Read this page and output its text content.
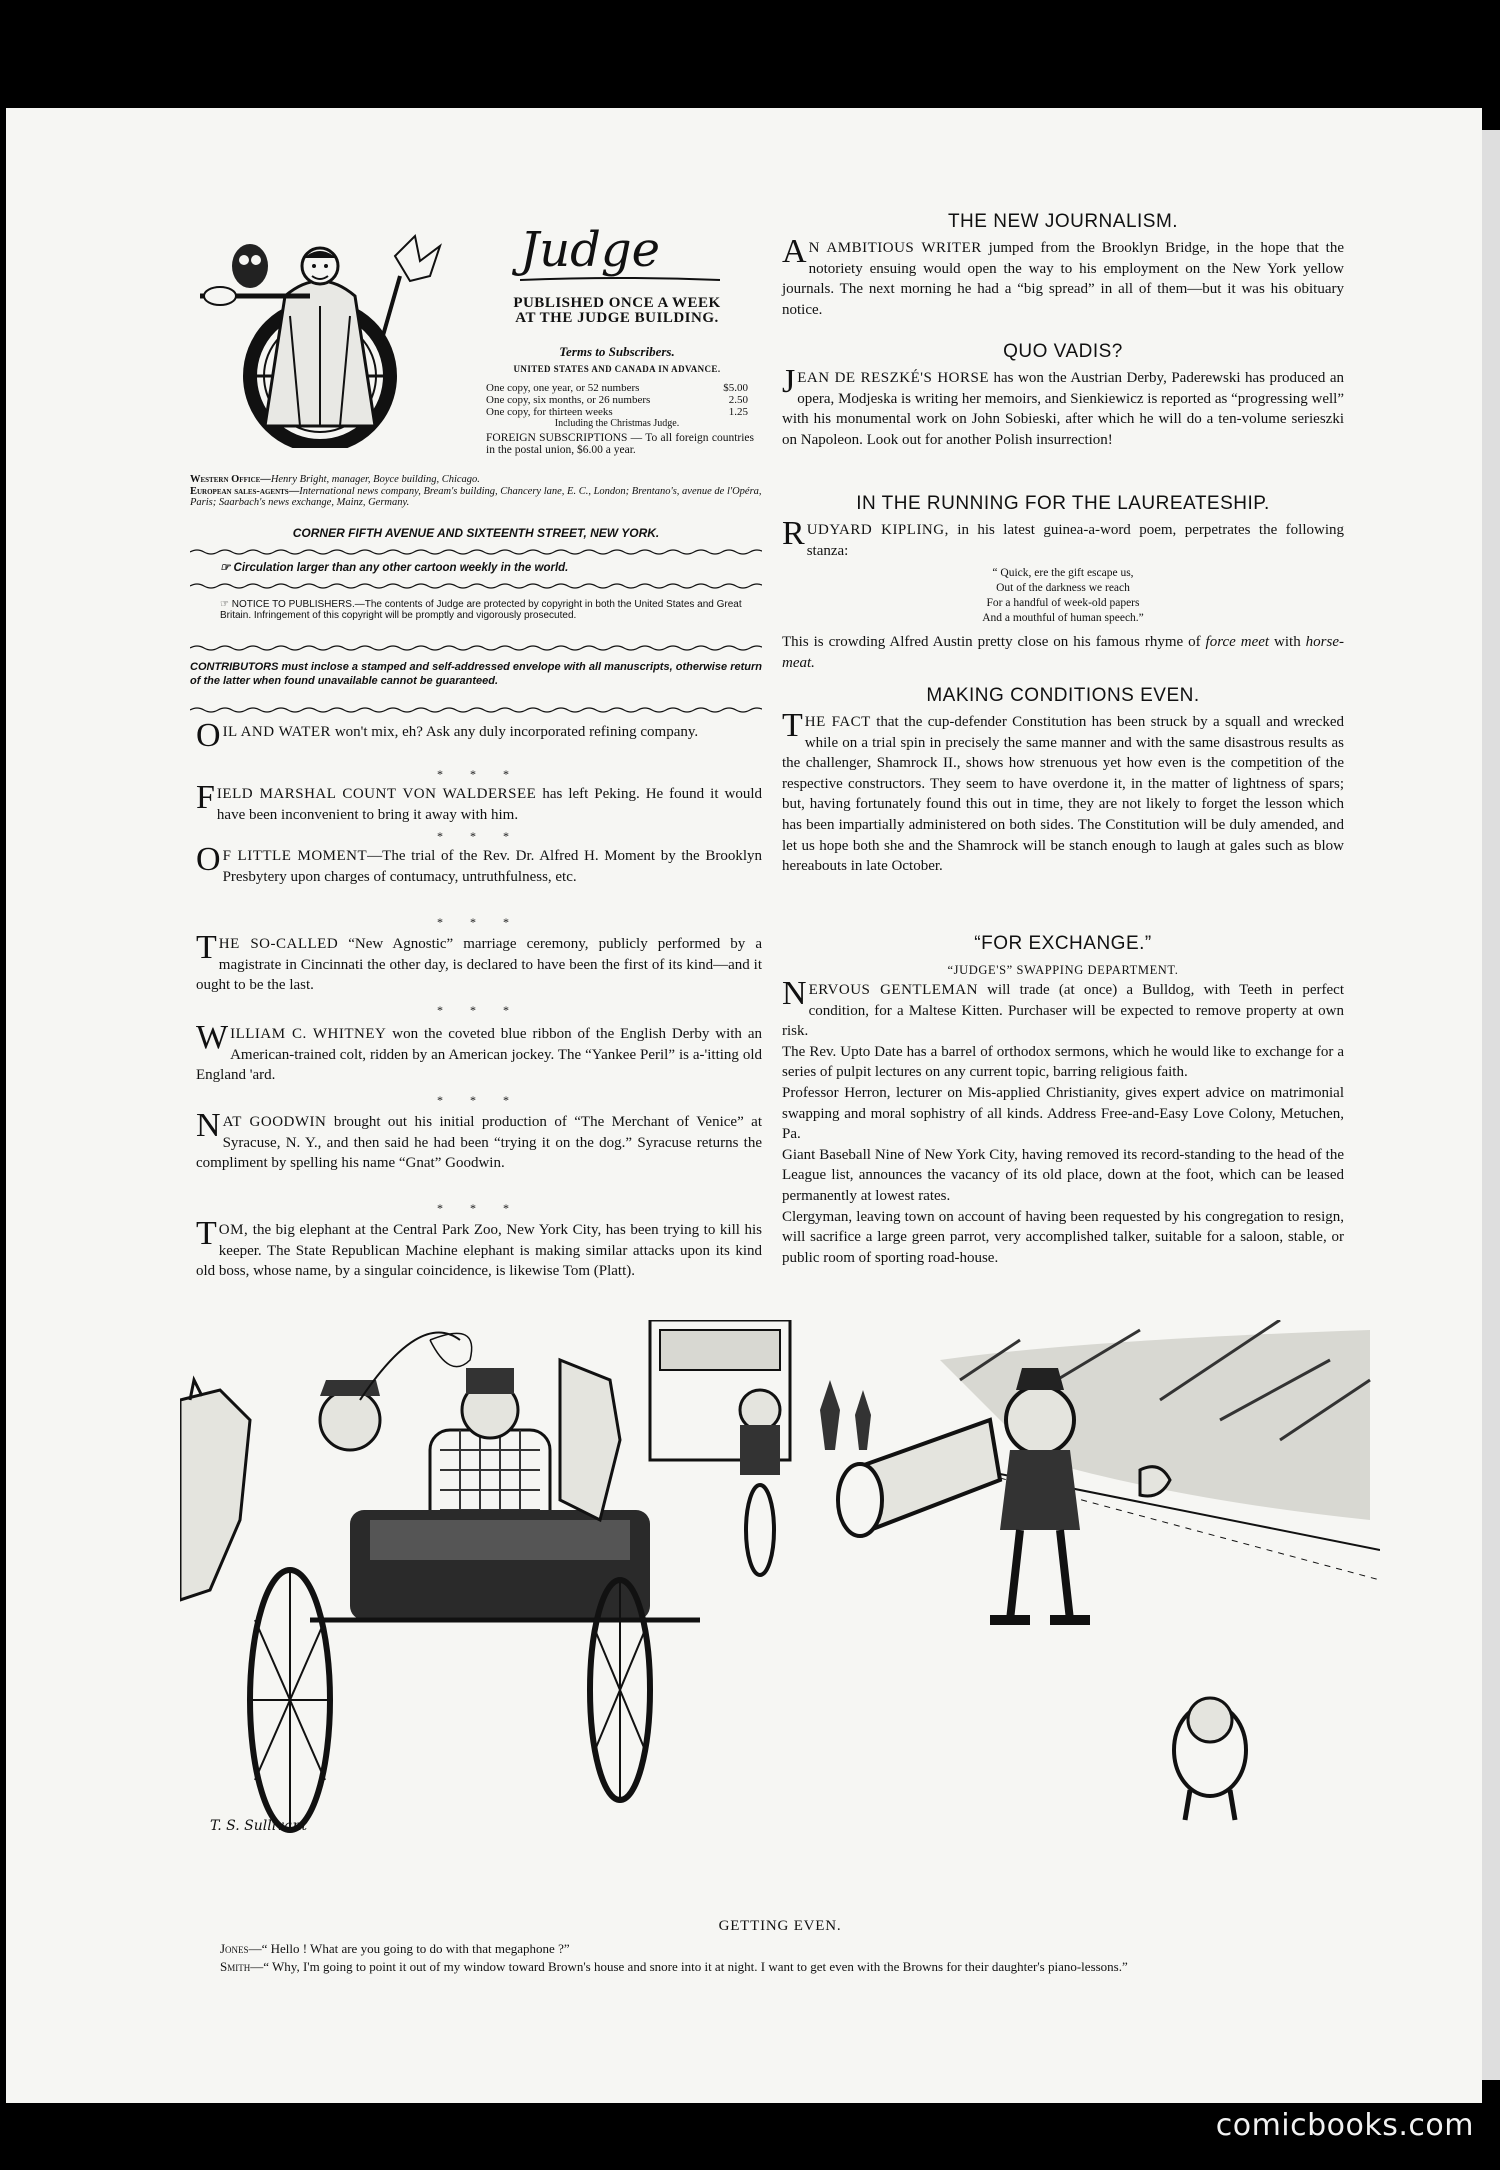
Judge
PUBLISHED ONCE A WEEK
AT THE JUDGE BUILDING.
Terms to Subscribers.
UNITED STATES AND CANADA IN ADVANCE.
One copy, one year, or 52 numbers	$5.00
One copy, six months, or 26 numbers	2.50
One copy, for thirteen weeks	1.25
Including the Christmas Judge.
FOREIGN SUBSCRIPTIONS — To all foreign countries in the postal union, $6.00 a year.
Western Office—Henry Bright, manager, Boyce building, Chicago.
European sales-agents—International news company, Bream's building, Chancery lane, E. C., London; Brentano's, avenue de l'Opéra, Paris; Saarbach's news exchange, Mainz, Germany.
CORNER FIFTH AVENUE AND SIXTEENTH STREET, NEW YORK.
☞ Circulation larger than any other cartoon weekly in the world.
☞ NOTICE TO PUBLISHERS.—The contents of Judge are protected by copyright in both the United States and Great Britain. Infringement of this copyright will be promptly and vigorously prosecuted.
CONTRIBUTORS must inclose a stamped and self-addressed envelope with all manuscripts, otherwise return of the latter when found unavailable cannot be guaranteed.
OIL AND WATER won't mix, eh? Ask any duly incorporated refining company.
* * *
FIELD MARSHAL COUNT VON WALDERSEE has left Peking. He found it would have been inconvenient to bring it away with him.
* * *
O F LITTLE MOMENT—The trial of the Rev. Dr. Alfred H. Moment by the Brooklyn Presbytery upon charges of contumacy, untruthfulness, etc.
* * *
THE SO-CALLED “New Agnostic” marriage ceremony, publicly performed by a magistrate in Cincinnati the other day, is declared to have been the first of its kind—and it ought to be the last.
* * *
WILLIAM C. WHITNEY won the coveted blue ribbon of the English Derby with an American-trained colt, ridden by an American jockey. The “Yankee Peril” is a-'itting old England 'ard.
* * *
NAT GOODWIN brought out his initial production of “The Merchant of Venice” at Syracuse, N. Y., and then said he had been “trying it on the dog.” Syracuse returns the compliment by spelling his name “Gnat” Goodwin.
* * *
TOM, the big elephant at the Central Park Zoo, New York City, has been trying to kill his keeper. The State Republican Machine elephant is making similar attacks upon its kind old boss, whose name, by a singular coincidence, is likewise Tom (Platt).
THE NEW JOURNALISM.
A N AMBITIOUS WRITER jumped from the Brooklyn Bridge, in the hope that the notoriety ensuing would open the way to his employment on the New York yellow journals. The next morning he had a “big spread” in all of them—but it was his obituary notice.
QUO VADIS?
JEAN DE RESZKÉ'S HORSE has won the Austrian Derby, Paderewski has produced an opera, Modjeska is writing her memoirs, and Sienkiewicz is reported as “progressing well” with his monumental work on John Sobieski, after which he will do a ten-volume serieszki on Napoleon. Look out for another Polish insurrection!
IN THE RUNNING FOR THE LAUREATESHIP.
RUDYARD KIPLING, in his latest guinea-a-word poem, perpetrates the following stanza:
“ Quick, ere the gift escape us,
Out of the darkness we reach
For a handful of week-old papers
And a mouthful of human speech.”
This is crowding Alfred Austin pretty close on his famous rhyme of force meet with horse-meat.
MAKING CONDITIONS EVEN.
THE FACT that the cup-defender Constitution has been struck by a squall and wrecked while on a trial spin in precisely the same manner and with the same disastrous results as the challenger, Shamrock II., shows how strenuous yet how even is the competition of the respective constructors. They seem to have overdone it, in the matter of lightness of spars; but, having fortunately found this out in time, they are not likely to forget the lesson which has been impartially administered on both sides. The Constitution will be duly amended, and let us hope both she and the Shamrock will be stanch enough to laugh at gales such as blow hereabouts in late October.
“FOR EXCHANGE.”
“JUDGE'S” SWAPPING DEPARTMENT.
NERVOUS GENTLEMAN will trade (at once) a Bulldog, with Teeth in perfect condition, for a Maltese Kitten. Purchaser will be expected to remove property at own risk.

The Rev. Upto Date has a barrel of orthodox sermons, which he would like to exchange for a series of pulpit lectures on any current topic, barring religious faith.

Professor Herron, lecturer on Mis-applied Christianity, gives expert advice on matrimonial swapping and moral sophistry of all kinds. Address Free-and-Easy Love Colony, Metuchen, Pa.

Giant Baseball Nine of New York City, having removed its record-standing to the head of the League list, announces the vacancy of its old place, down at the foot, which can be leased permanently at lowest rates.

Clergyman, leaving town on account of having been requested by his congregation to resign, will sacrifice a large green parrot, very accomplished talker, suitable for a saloon, stable, or public room of sporting road-house.

T. S. Sullivant
GETTING EVEN.
Jones—“ Hello ! What are you going to do with that megaphone ?”
Smith—“ Why, I'm going to point it out of my window toward Brown's house and snore into it at night. I want to get even with the Browns for their daughter's piano-lessons.”
comicbooks.com
